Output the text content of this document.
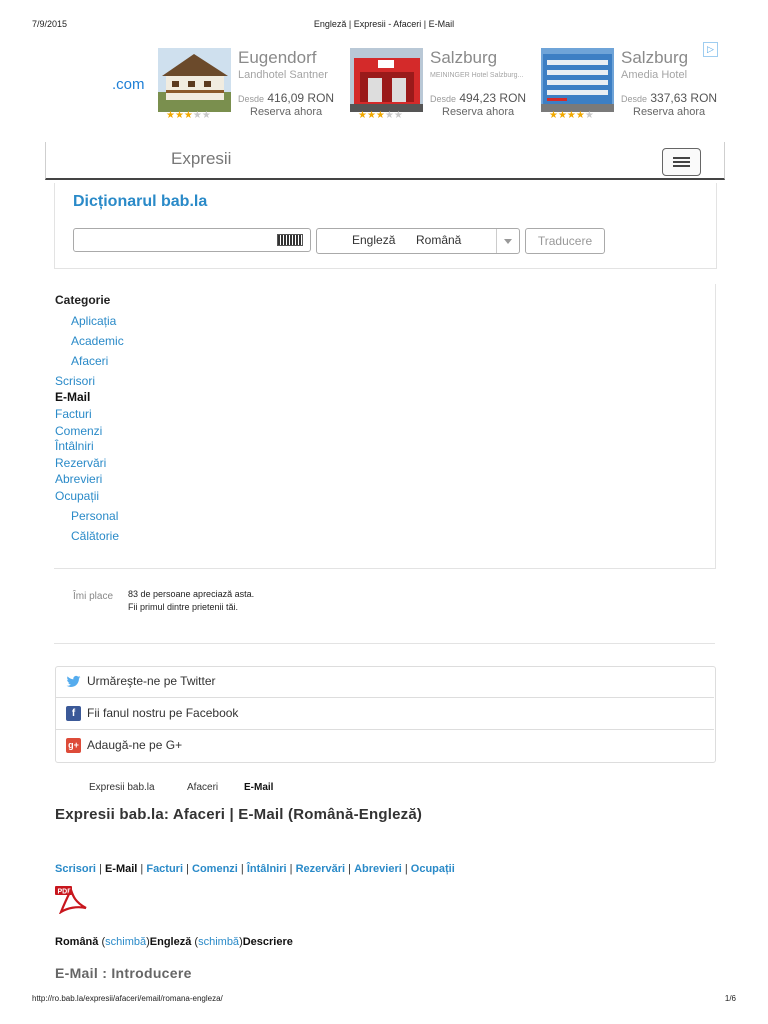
7/9/2015	Engleză | Expresii - Afaceri | E-Mail
.com
▷
★★★★★
Eugendorf
Landhotel Santner
Desde 416,09 RON
Reserva ahora	★★★★★
Salzburg
MEININGER Hotel Salzburg...
Desde 494,23 RON
Reserva ahora	★★★★★
Salzburg
Amedia Hotel
Desde 337,63 RON
Reserva ahora
Expresii
Dicționarul bab.la
Engleză Română	Traducere
Categorie
Aplicația
Academic
Afaceri
Scrisori
E-Mail
Facturi
Comenzi
Întâlniri
Rezervări
Abrevieri
Ocupații
Personal
Călătorie
Îmi place 83 de persoane apreciază asta.
Fii primul dintre prietenii tăi.
Urmăreşte-ne pe Twitter
f Fii fanul nostru pe Facebook
g+ Adaugă-ne pe G+
Expresii bab.la	Afaceri	E-Mail
Expresii bab.la: Afaceri | E-Mail (Română-Engleză)
Scrisori | E-Mail | Facturi | Comenzi | Întâlniri | Rezervări | Abrevieri | Ocupații
PDF
Română (schimbă)Engleză (schimbă)Descriere
E-Mail : Introducere
http://ro.bab.la/expresii/afaceri/email/romana-engleza/	1/6
